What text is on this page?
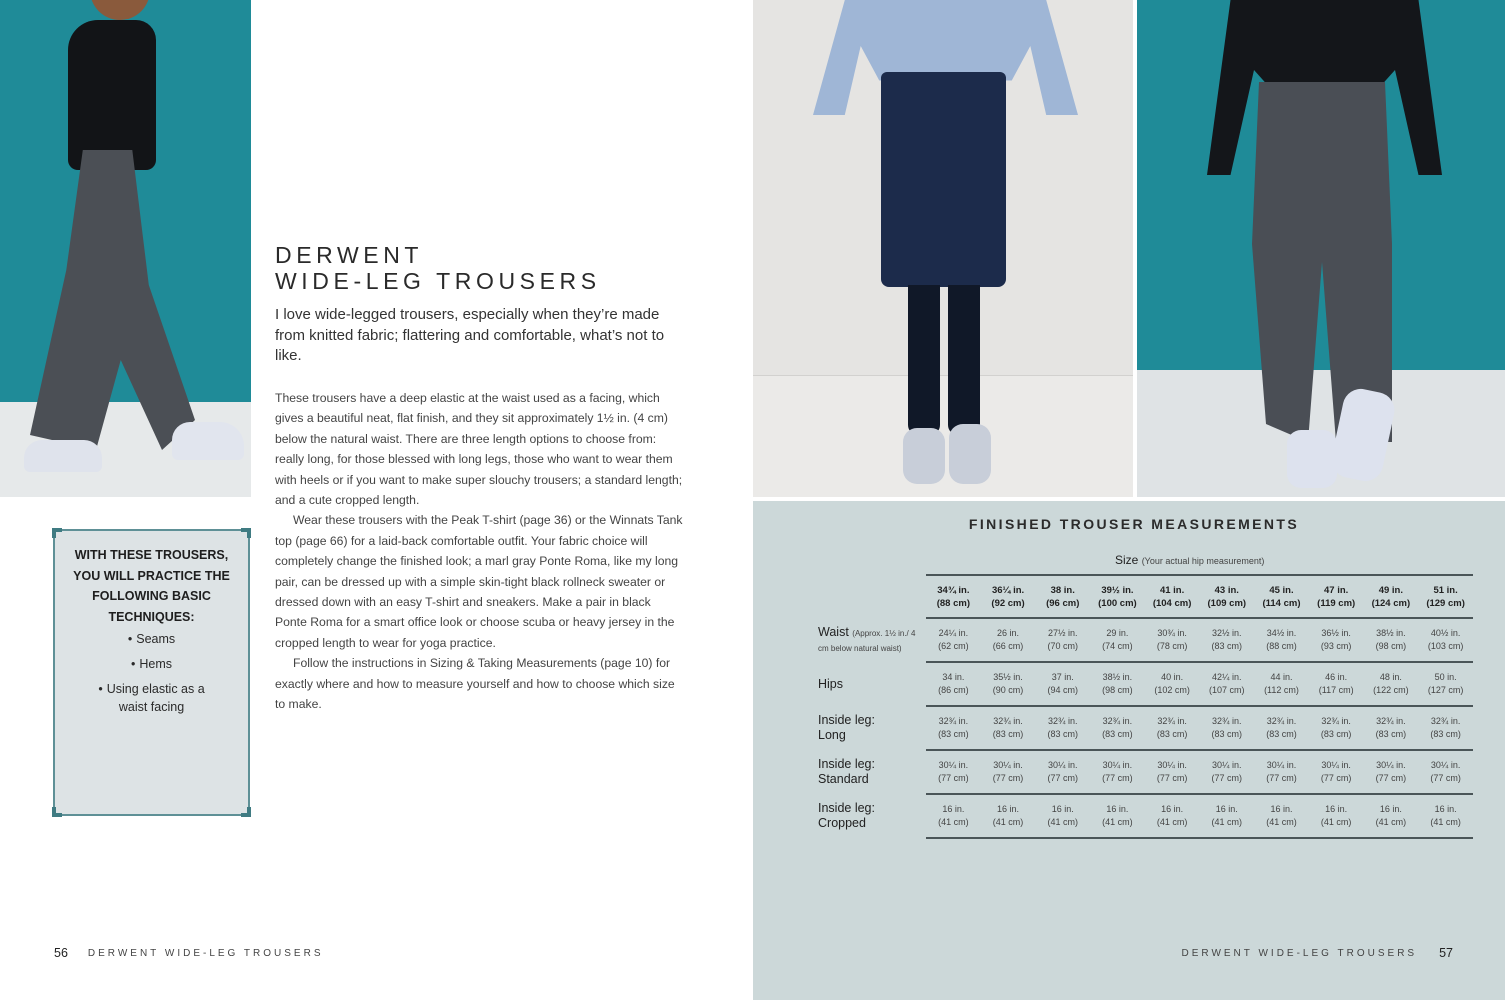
DERWENT
WIDE-LEG TROUSERS

I love wide-legged trousers, especially when they’re made from knitted fabric; flattering and comfortable, what’s not to like.

These trousers have a deep elastic at the waist used as a facing, which gives a beautiful neat, flat finish, and they sit approximately 1½ in. (4 cm) below the natural waist. There are three length options to choose from: really long, for those blessed with long legs, those who want to wear them with heels or if you want to make super slouchy trousers; a standard length; and a cute cropped length.

Wear these trousers with the Peak T-shirt (page 36) or the Winnats Tank top (page 66) for a laid-back comfortable outfit. Your fabric choice will completely change the finished look; a marl gray Ponte Roma, like my long pair, can be dressed up with a simple skin-tight black rollneck sweater or dressed down with an easy T-shirt and sneakers. Make a pair in black Ponte Roma for a smart office look or choose scuba or heavy jersey in the cropped length to wear for yoga practice.

Follow the instructions in Sizing & Taking Measurements (page 10) for exactly where and how to measure yourself and how to choose which size to make.

WITH THESE TROUSERS, YOU WILL PRACTICE THE FOLLOWING BASIC TECHNIQUES:
• Seams
• Hems
• Using elastic as a waist facing
56 DERWENT WIDE-LEG TROUSERS
FINISHED TROUSER MEASUREMENTS
Size (Your actual hip measurement)

	34¾ in.
(88 cm)	36¼ in.
(92 cm)	38 in.
(96 cm)	39½ in.
(100 cm)	41 in.
(104 cm)	43 in.
(109 cm)	45 in.
(114 cm)	47 in.
(119 cm)	49 in.
(124 cm)	51 in.
(129 cm)

Waist (Approx. 1½ in./ 4 cm below natural waist)	24¼ in.
(62 cm)	26 in.
(66 cm)	27½ in.
(70 cm)	29 in.
(74 cm)	30¾ in.
(78 cm)	32½ in.
(83 cm)	34½ in.
(88 cm)	36½ in.
(93 cm)	38½ in.
(98 cm)	40½ in.
(103 cm)

Hips	34 in.
(86 cm)	35½ in.
(90 cm)	37 in.
(94 cm)	38½ in.
(98 cm)	40 in.
(102 cm)	42¼ in.
(107 cm)	44 in.
(112 cm)	46 in.
(117 cm)	48 in.
(122 cm)	50 in.
(127 cm)

Inside leg:
Long	32¾ in.
(83 cm)	32¾ in.
(83 cm)	32¾ in.
(83 cm)	32¾ in.
(83 cm)	32¾ in.
(83 cm)	32¾ in.
(83 cm)	32¾ in.
(83 cm)	32¾ in.
(83 cm)	32¾ in.
(83 cm)	32¾ in.
(83 cm)

Inside leg:
Standard	30¼ in.
(77 cm)	30¼ in.
(77 cm)	30¼ in.
(77 cm)	30¼ in.
(77 cm)	30¼ in.
(77 cm)	30¼ in.
(77 cm)	30¼ in.
(77 cm)	30¼ in.
(77 cm)	30¼ in.
(77 cm)	30¼ in.
(77 cm)

Inside leg:
Cropped	16 in.
(41 cm)	16 in.
(41 cm)	16 in.
(41 cm)	16 in.
(41 cm)	16 in.
(41 cm)	16 in.
(41 cm)	16 in.
(41 cm)	16 in.
(41 cm)	16 in.
(41 cm)	16 in.
(41 cm)
DERWENT WIDE-LEG TROUSERS 57
